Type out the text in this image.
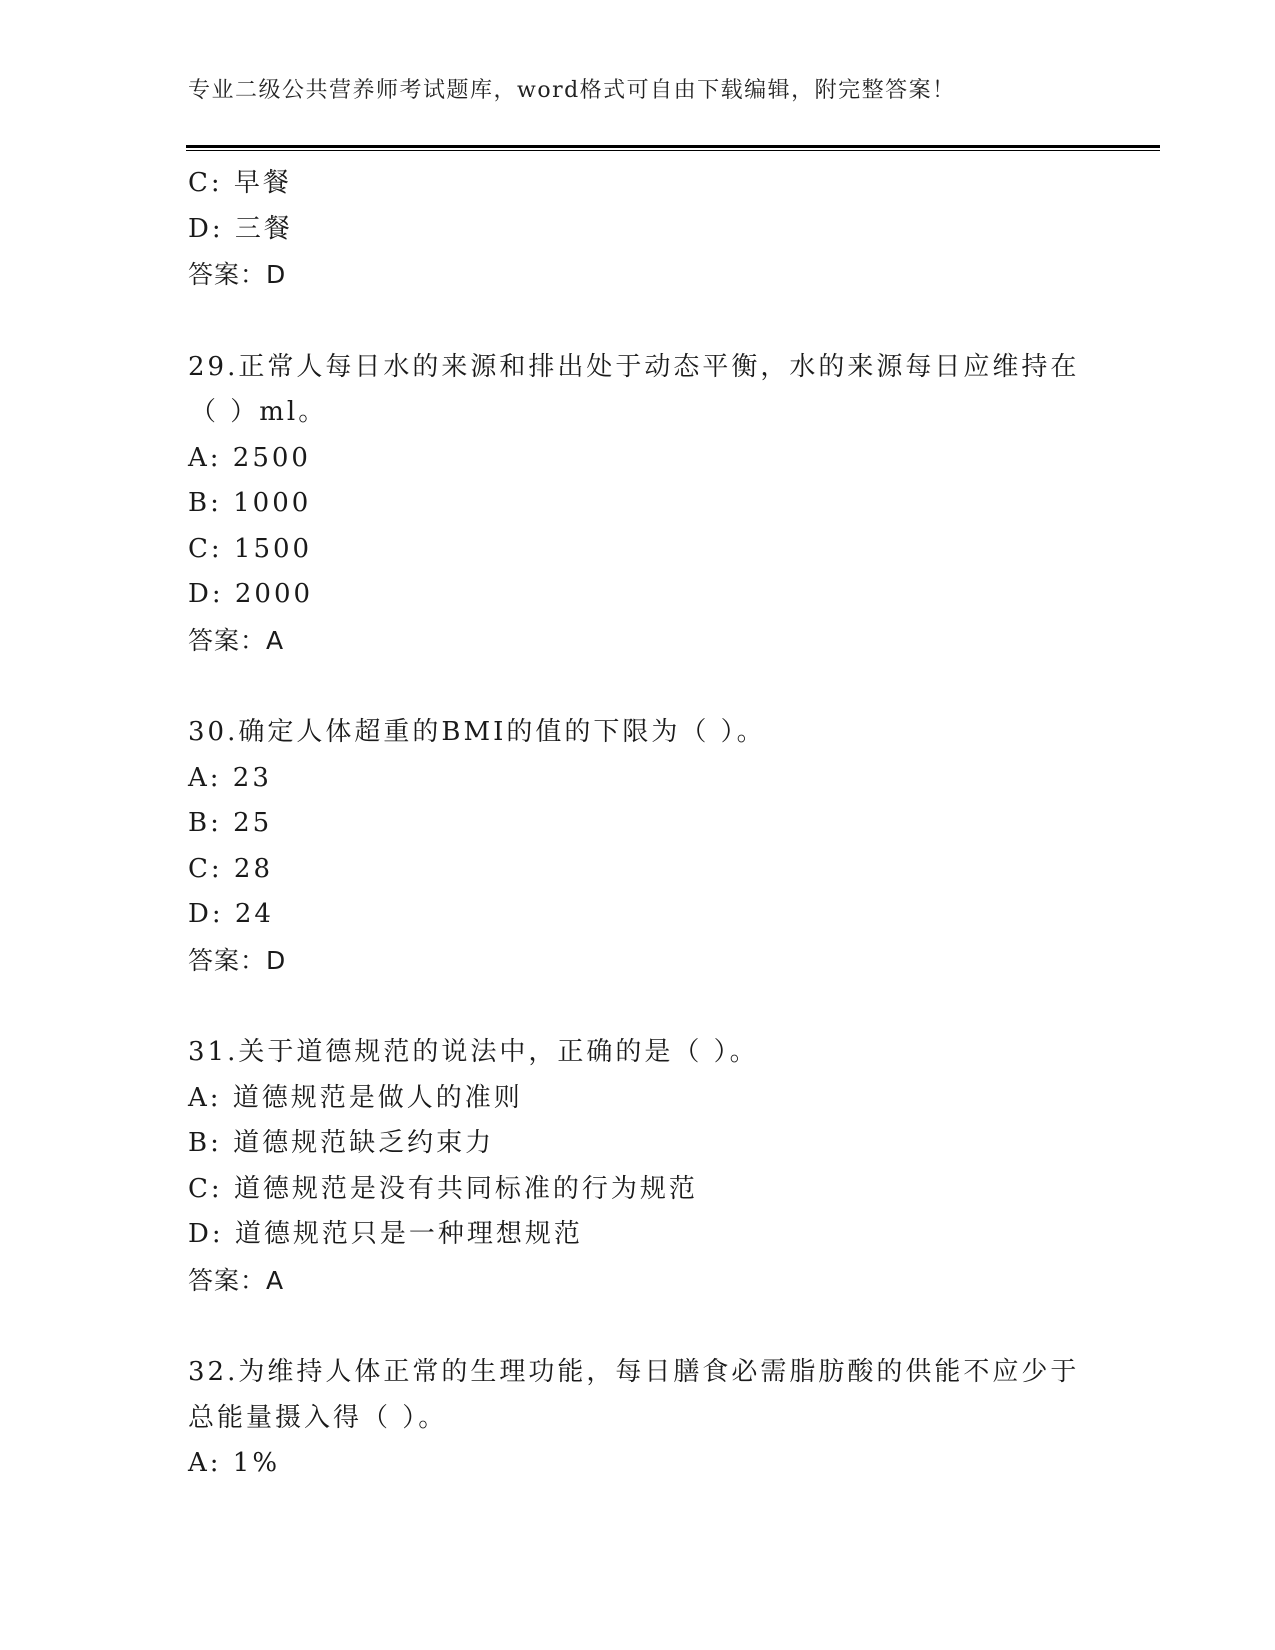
专业二级公共营养师考试题库，word格式可自由下载编辑，附完整答案！
C: 早餐
D: 三餐
答案：D
29.正常人每日水的来源和排出处于动态平衡，水的来源每日应维持在
（ ）ml。
A: 2500
B: 1000
C: 1500
D: 2000
答案：A
30.确定人体超重的BMI的值的下限为（ ）。
A: 23
B: 25
C: 28
D: 24
答案：D
31.关于道德规范的说法中，正确的是（ ）。
A: 道德规范是做人的准则
B: 道德规范缺乏约束力
C: 道德规范是没有共同标准的行为规范
D: 道德规范只是一种理想规范
答案：A
32.为维持人体正常的生理功能，每日膳食必需脂肪酸的供能不应少于
总能量摄入得（ ）。
A: 1%
